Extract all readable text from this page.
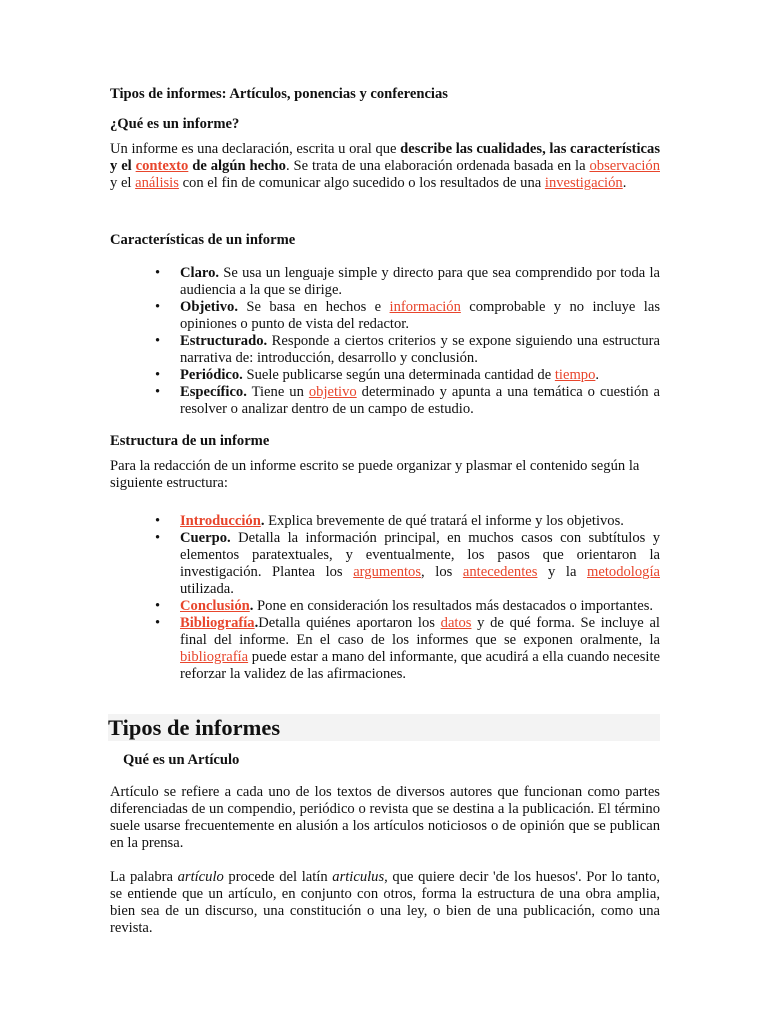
Tipos de informes: Artículos, ponencias y conferencias

¿Qué es un informe?

Un informe es una declaración, escrita u oral que describe las cualidades, las características y el contexto de algún hecho. Se trata de una elaboración ordenada basada en la observación y el análisis con el fin de comunicar algo sucedido o los resultados de una investigación.

Características de un informe

• Claro. Se usa un lenguaje simple y directo para que sea comprendido por toda la audiencia a la que se dirige.
• Objetivo. Se basa en hechos e información comprobable y no incluye las opiniones o punto de vista del redactor.
• Estructurado. Responde a ciertos criterios y se expone siguiendo una estructura narrativa de: introducción, desarrollo y conclusión.
• Periódico. Suele publicarse según una determinada cantidad de tiempo.
• Específico. Tiene un objetivo determinado y apunta a una temática o cuestión a resolver o analizar dentro de un campo de estudio.

Estructura de un informe

Para la redacción de un informe escrito se puede organizar y plasmar el contenido según la siguiente estructura:

• Introducción. Explica brevemente de qué tratará el informe y los objetivos.
• Cuerpo. Detalla la información principal, en muchos casos con subtítulos y elementos paratextuales, y eventualmente, los pasos que orientaron la investigación. Plantea los argumentos, los antecedentes y la metodología utilizada.
• Conclusión. Pone en consideración los resultados más destacados o importantes.
• Bibliografía.Detalla quiénes aportaron los datos y de qué forma. Se incluye al final del informe. En el caso de los informes que se exponen oralmente, la bibliografía puede estar a mano del informante, que acudirá a ella cuando necesite reforzar la validez de las afirmaciones.
Tipos de informes

Qué es un Artículo

Artículo se refiere a cada uno de los textos de diversos autores que funcionan como partes diferenciadas de un compendio, periódico o revista que se destina a la publicación. El término suele usarse frecuentemente en alusión a los artículos noticiosos o de opinión que se publican en la prensa.

La palabra artículo procede del latín articulus, que quiere decir 'de los huesos'. Por lo tanto, se entiende que un artículo, en conjunto con otros, forma la estructura de una obra amplia, bien sea de un discurso, una constitución o una ley, o bien de una publicación, como una revista.
